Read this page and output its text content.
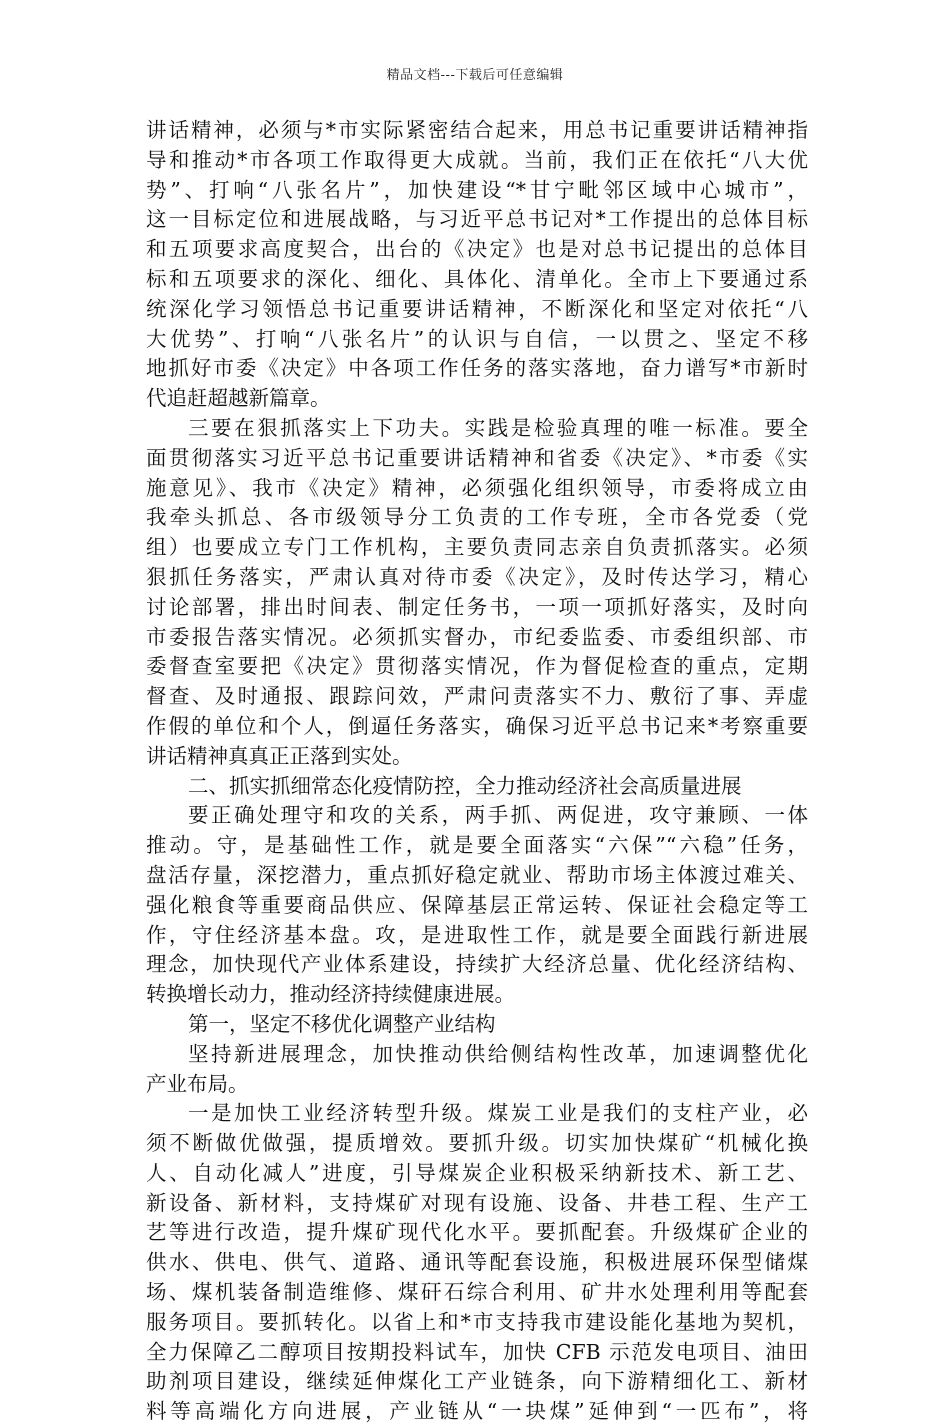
精品文档---下载后可任意编辑
讲话精神，必须与*市实际紧密结合起来，用总书记重要讲话精神指
导和推动*市各项工作取得更大成就。当前，我们正在依托“八大优
势”、打响“八张名片”，加快建设“*甘宁毗邻区域中心城市”，
这一目标定位和进展战略，与习近平总书记对*工作提出的总体目标
和五项要求高度契合，出台的《决定》也是对总书记提出的总体目
标和五项要求的深化、细化、具体化、清单化。全市上下要通过系
统深化学习领悟总书记重要讲话精神，不断深化和坚定对依托“八
大优势”、打响“八张名片”的认识与自信，一以贯之、坚定不移
地抓好市委《决定》中各项工作任务的落实落地，奋力谱写*市新时
代追赶超越新篇章。
三要在狠抓落实上下功夫。实践是检验真理的唯一标准。要全
面贯彻落实习近平总书记重要讲话精神和省委《决定》、*市委《实
施意见》、我市《决定》精神，必须强化组织领导，市委将成立由
我牵头抓总、各市级领导分工负责的工作专班，全市各党委（党
组）也要成立专门工作机构，主要负责同志亲自负责抓落实。必须
狠抓任务落实，严肃认真对待市委《决定》，及时传达学习，精心
讨论部署，排出时间表、制定任务书，一项一项抓好落实，及时向
市委报告落实情况。必须抓实督办，市纪委监委、市委组织部、市
委督查室要把《决定》贯彻落实情况，作为督促检查的重点，定期
督查、及时通报、跟踪问效，严肃问责落实不力、敷衍了事、弄虚
作假的单位和个人，倒逼任务落实，确保习近平总书记来*考察重要
讲话精神真真正正落到实处。
二、抓实抓细常态化疫情防控，全力推动经济社会高质量进展
要正确处理守和攻的关系，两手抓、两促进，攻守兼顾、一体
推动。守，是基础性工作，就是要全面落实“六保”“六稳”任务，
盘活存量，深挖潜力，重点抓好稳定就业、帮助市场主体渡过难关、
强化粮食等重要商品供应、保障基层正常运转、保证社会稳定等工
作，守住经济基本盘。攻，是进取性工作，就是要全面践行新进展
理念，加快现代产业体系建设，持续扩大经济总量、优化经济结构、
转换增长动力，推动经济持续健康进展。
第一，坚定不移优化调整产业结构
坚持新进展理念，加快推动供给侧结构性改革，加速调整优化
产业布局。
一是加快工业经济转型升级。煤炭工业是我们的支柱产业，必
须不断做优做强，提质增效。要抓升级。切实加快煤矿“机械化换
人、自动化减人”进度，引导煤炭企业积极采纳新技术、新工艺、
新设备、新材料，支持煤矿对现有设施、设备、井巷工程、生产工
艺等进行改造，提升煤矿现代化水平。要抓配套。升级煤矿企业的
供水、供电、供气、道路、通讯等配套设施，积极进展环保型储煤
场、煤机装备制造维修、煤矸石综合利用、矿井水处理利用等配套
服务项目。要抓转化。以省上和*市支持我市建设能化基地为契机，
全力保障乙二醇项目按期投料试车，加快 CFB 示范发电项目、油田
助剂项目建设，继续延伸煤化工产业链条，向下游精细化工、新材
料等高端化方向进展，产业链从“一块煤”延伸到“一匹布”，将
